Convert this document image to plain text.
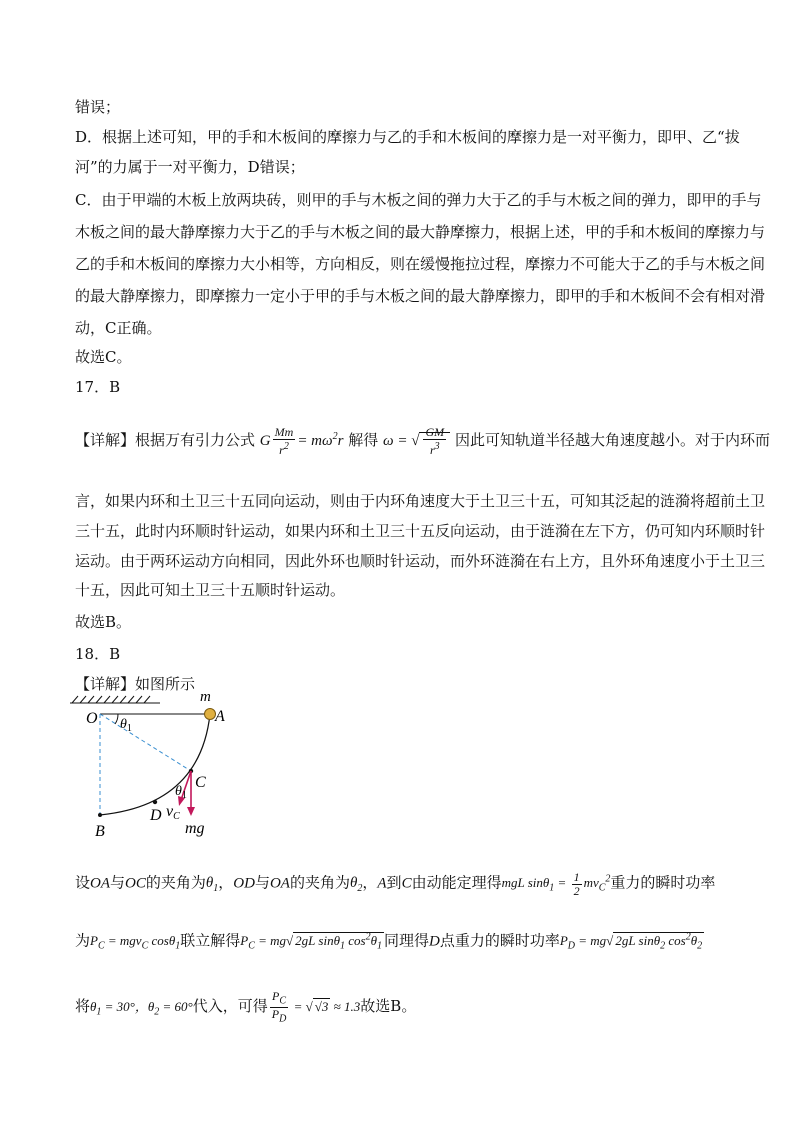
错误；
D．根据上述可知，甲的手和木板间的摩擦力与乙的手和木板间的摩擦力是一对平衡力，即甲、乙“拔
河”的力属于一对平衡力，D错误；
C．由于甲端的木板上放两块砖，则甲的手与木板之间的弹力大于乙的手与木板之间的弹力，即甲的手与
木板之间的最大静摩擦力大于乙的手与木板之间的最大静摩擦力，根据上述，甲的手和木板间的摩擦力与
乙的手和木板间的摩擦力大小相等，方向相反，则在缓慢拖拉过程，摩擦力不可能大于乙的手与木板之间
的最大静摩擦力，即摩擦力一定小于甲的手与木板之间的最大静摩擦力，即甲的手和木板间不会有相对滑
动，C正确。
故选C。
17．B
【详解】根据万有引力公式 G $\frac{Mm}{r^2} = m\omega^2r$ 解得 ω = √ $\frac{GM}{r^3}$ 因此可知轨道半径越大角速度越小。对于内环而
言，如果内环和土卫三十五同向运动，则由于内环角速度大于土卫三十五，可知其泛起的涟漪将超前土卫
三十五，此时内环顺时针运动，如果内环和土卫三十五反向运动，由于涟漪在左下方，仍可知内环顺时针
运动。由于两环运动方向相同，因此外环也顺时针运动，而外环涟漪在右上方，且外环角速度小于土卫三
十五，因此可知土卫三十五顺时针运动。
故选B。
18．B
【详解】如图所示
m
O	A
$\theta_1$
C
$\theta_1$
D vC
B	mg
设OA与OC的夹角为$\theta_1$，OD与OA的夹角为$\theta_2$，A到C由动能定理得mgL $\sin\theta_1 = \frac{1}{2} mv_C^2$重力的瞬时功率
为$P_C = mgv_C$ cosθ$_1$联立解得$P_C = mg√$ 2gL sinθ$_1$ $\cos^2\theta_1$ 同理得D点重力的瞬时功率$P_D = mg√$ 2gL sinθ$_2$ $\cos^2\theta_2$
将$\theta_1 = 30^\circ$，$\theta_2 = 60^\circ$代入，可得 $\frac{P_C}{P_D}$ = √ √3 ≈ 1.3故选B。
